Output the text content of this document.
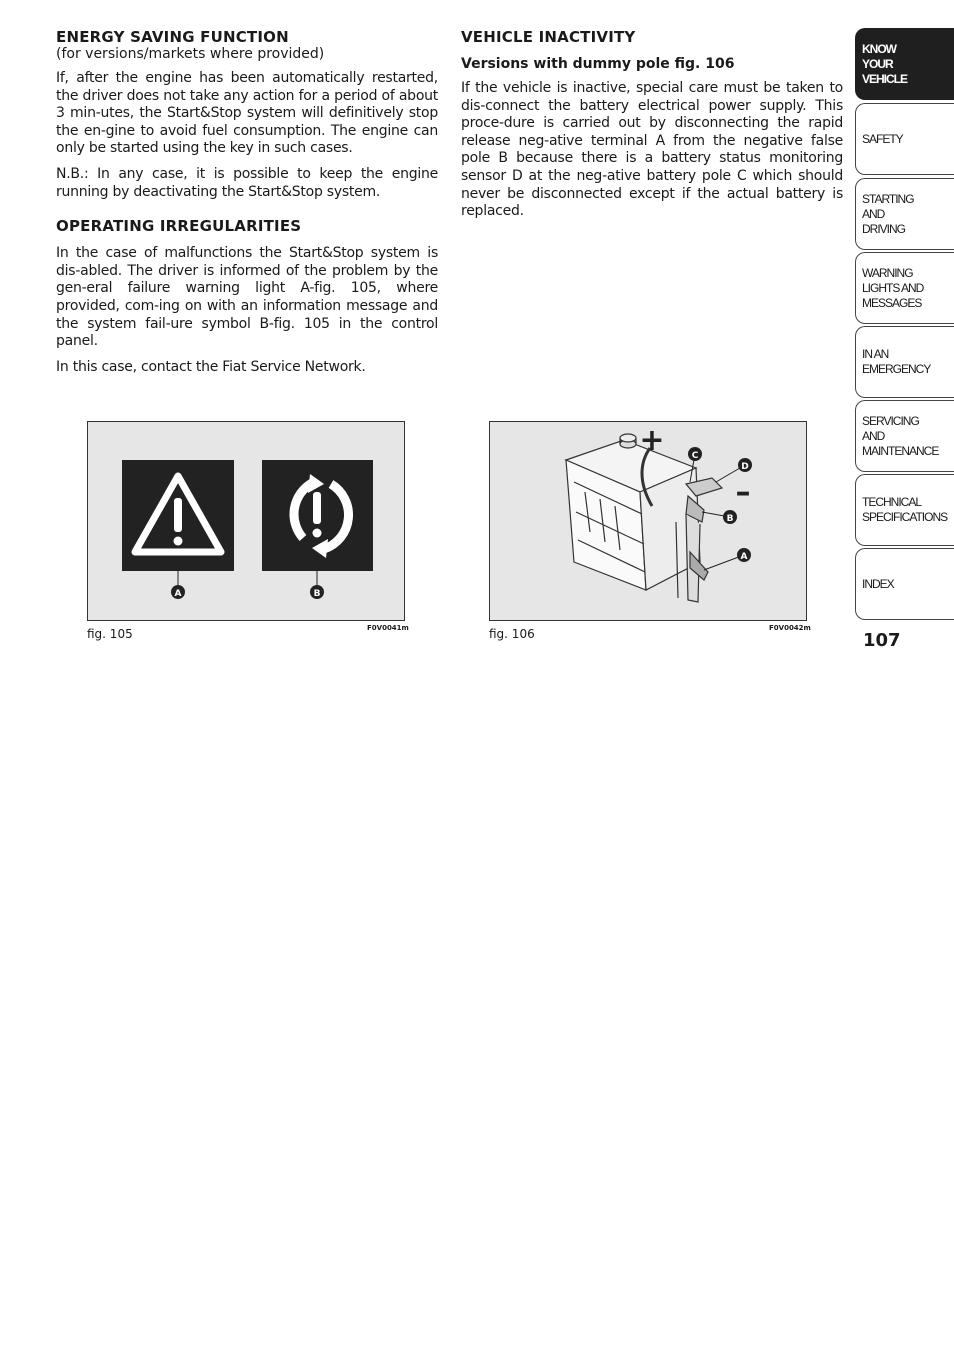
ENERGY SAVING FUNCTION
(for versions/markets where provided)

If, after the engine has been automatically restarted, the driver does not take any action for a period of about 3 min-utes, the Start&Stop system will definitively stop the en-gine to avoid fuel consumption. The engine can only be started using the key in such cases.

N.B.: In any case, it is possible to keep the engine running by deactivating the Start&Stop system.

OPERATING IRREGULARITIES

In the case of malfunctions the Start&Stop system is dis-abled. The driver is informed of the problem by the gen-eral failure warning light A-fig. 105, where provided, com-ing on with an information message and the system fail-ure symbol B-fig. 105 in the control panel.

In this case, contact the Fiat Service Network.

VEHICLE INACTIVITY
Versions with dummy pole fig. 106

If the vehicle is inactive, special care must be taken to dis-connect the battery electrical power supply. This proce-dure is carried out by disconnecting the rapid release neg-ative terminal A from the negative false pole B because there is a battery status monitoring sensor D at the neg-ative battery pole C which should never be disconnected except if the actual battery is replaced.

A	B
fig. 105	F0V0041m
+
–
C
D
B
A
fig. 106	F0V0042m
KNOW
YOUR
VEHICLE
SAFETY
STARTING
AND
DRIVING
WARNING
LIGHTS AND
MESSAGES
IN AN
EMERGENCY
SERVICING
AND
MAINTENANCE
TECHNICAL
SPECIFICATIONS
INDEX
107
